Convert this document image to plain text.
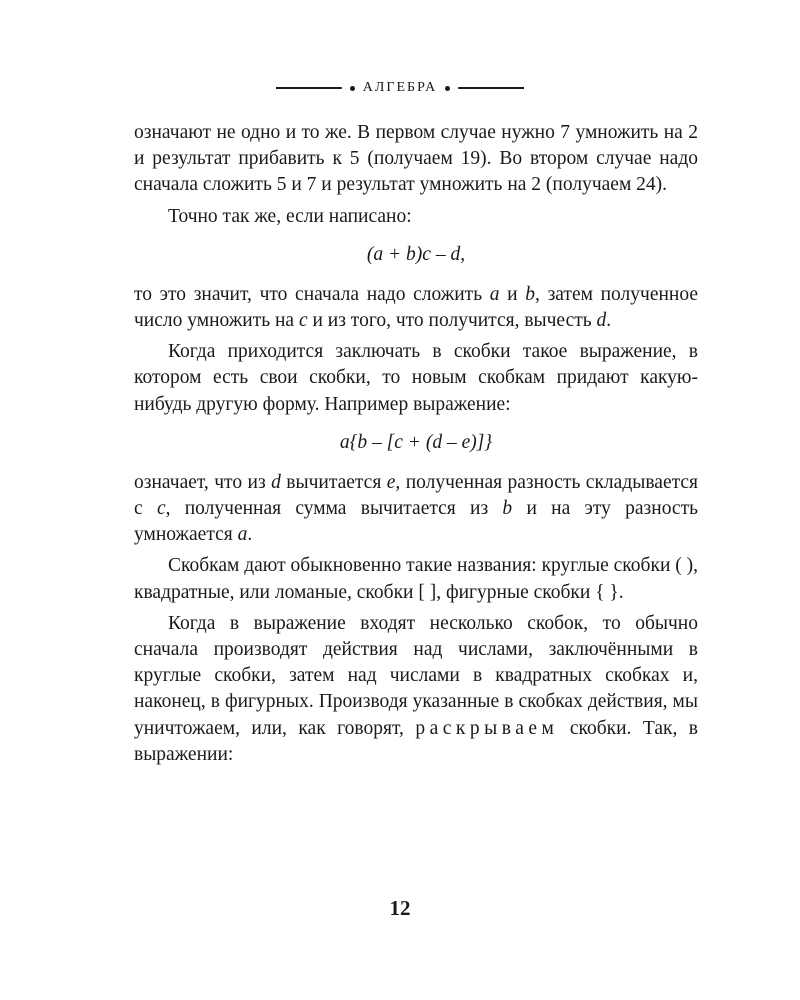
АЛГЕБРА

означают не одно и то же. В первом случае нужно 7 умножить на 2 и результат прибавить к 5 (получаем 19). Во втором случае надо сначала сложить 5 и 7 и результат умножить на 2 (получаем 24).

Точно так же, если написано:

(a + b)c – d,

то это значит, что сначала надо сложить a и b, затем полученное число умножить на c и из того, что получится, вычесть d.

Когда приходится заключать в скобки такое выражение, в котором есть свои скобки, то новым скобкам придают какую-нибудь другую форму. Например выражение:

a{b – [c + (d – e)]}

означает, что из d вычитается e, полученная разность складывается с c, полученная сумма вычитается из b и на эту разность умножается a.

Скобкам дают обыкновенно такие названия: круглые скобки ( ), квадратные, или ломаные, скобки [ ], фигурные скобки { }.

Когда в выражение входят несколько скобок, то обычно сначала производят действия над числами, заключёнными в круглые скобки, затем над числами в квадратных скобках и, наконец, в фигурных. Производя указанные в скобках действия, мы уничтожаем, или, как говорят, раскрываем скобки. Так, в выражении:

12
